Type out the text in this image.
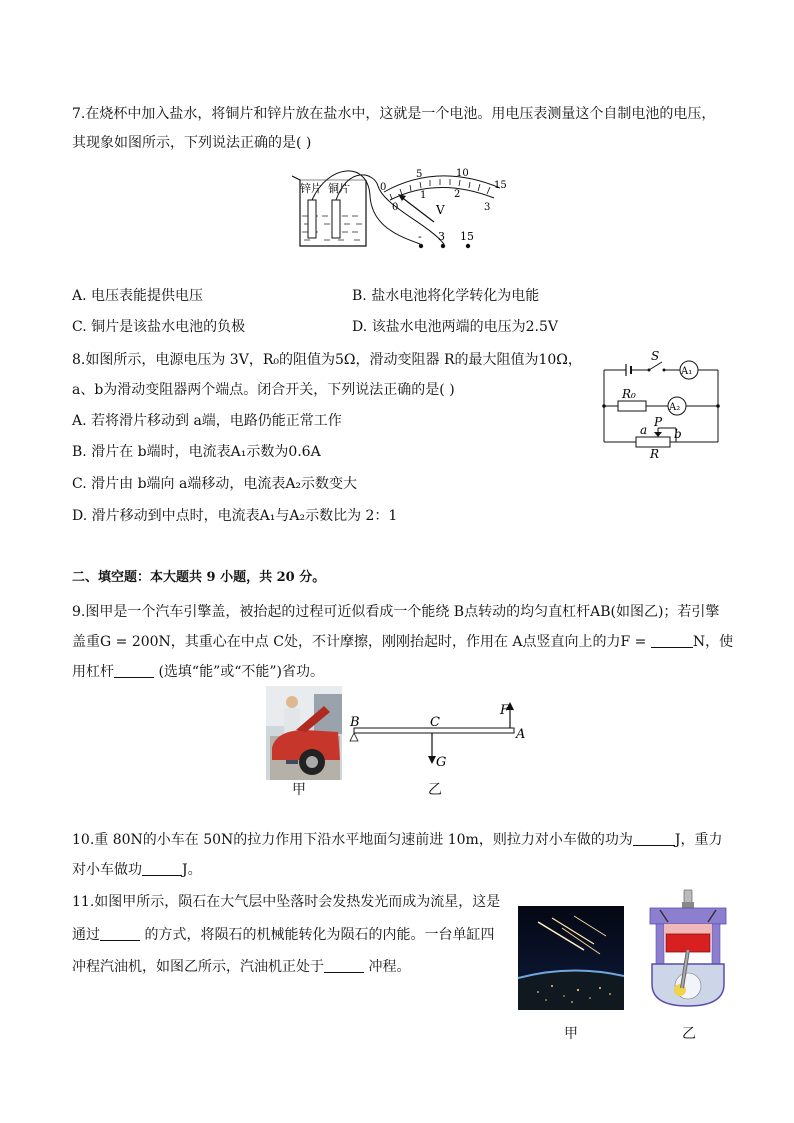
7.在烧杯中加入盐水，将铜片和锌片放在盐水中，这就是一个电池。用电压表测量这个自制电池的电压，
其现象如图所示，下列说法正确的是( )
锌片 铜片	0
5	10
15
0
1	2
3
V
- 3 15
A. 电压表能提供电压	B. 盐水电池将化学转化为电能
C. 铜片是该盐水电池的负极	D. 该盐水电池两端的电压为2.5V
8.如图所示，电源电压为 3V，R₀的阻值为5Ω，滑动变阻器 R的最大阻值为10Ω，
a、b为滑动变阻器两个端点。闭合开关，下列说法正确的是( )
A. 若将滑片移动到 a端，电路仍能正常工作
B. 滑片在 b端时，电流表A₁示数为0.6A
C. 滑片由 b端向 a端移动，电流表A₂示数变大
D. 滑片移动到中点时，电流表A₁与A₂示数比为 2：1
S
A₁
R₀
A₂
a
P
b
R
二、填空题：本大题共 9 小题，共 20 分。
9.图甲是一个汽车引擎盖，被抬起的过程可近似看成一个能绕 B点转动的均匀直杠杆AB(如图乙)；若引擎
盖重G = 200N，其重心在中点 C处，不计摩擦，刚刚抬起时，作用在 A点竖直向上的力F =	N，使
用杠杆	(选填“能”或“不能”)省功。
甲
B	C
G
F
A
乙
10.重 80N的小车在 50N的拉力作用下沿水平地面匀速前进 10m，则拉力对小车做的功为	J，重力
对小车做功	J。
11.如图甲所示，陨石在大气层中坠落时会发热发光而成为流星，这是
通过	的方式，将陨石的机械能转化为陨石的内能。一台单缸四
冲程汽油机，如图乙所示，汽油机正处于	冲程。
甲	乙
